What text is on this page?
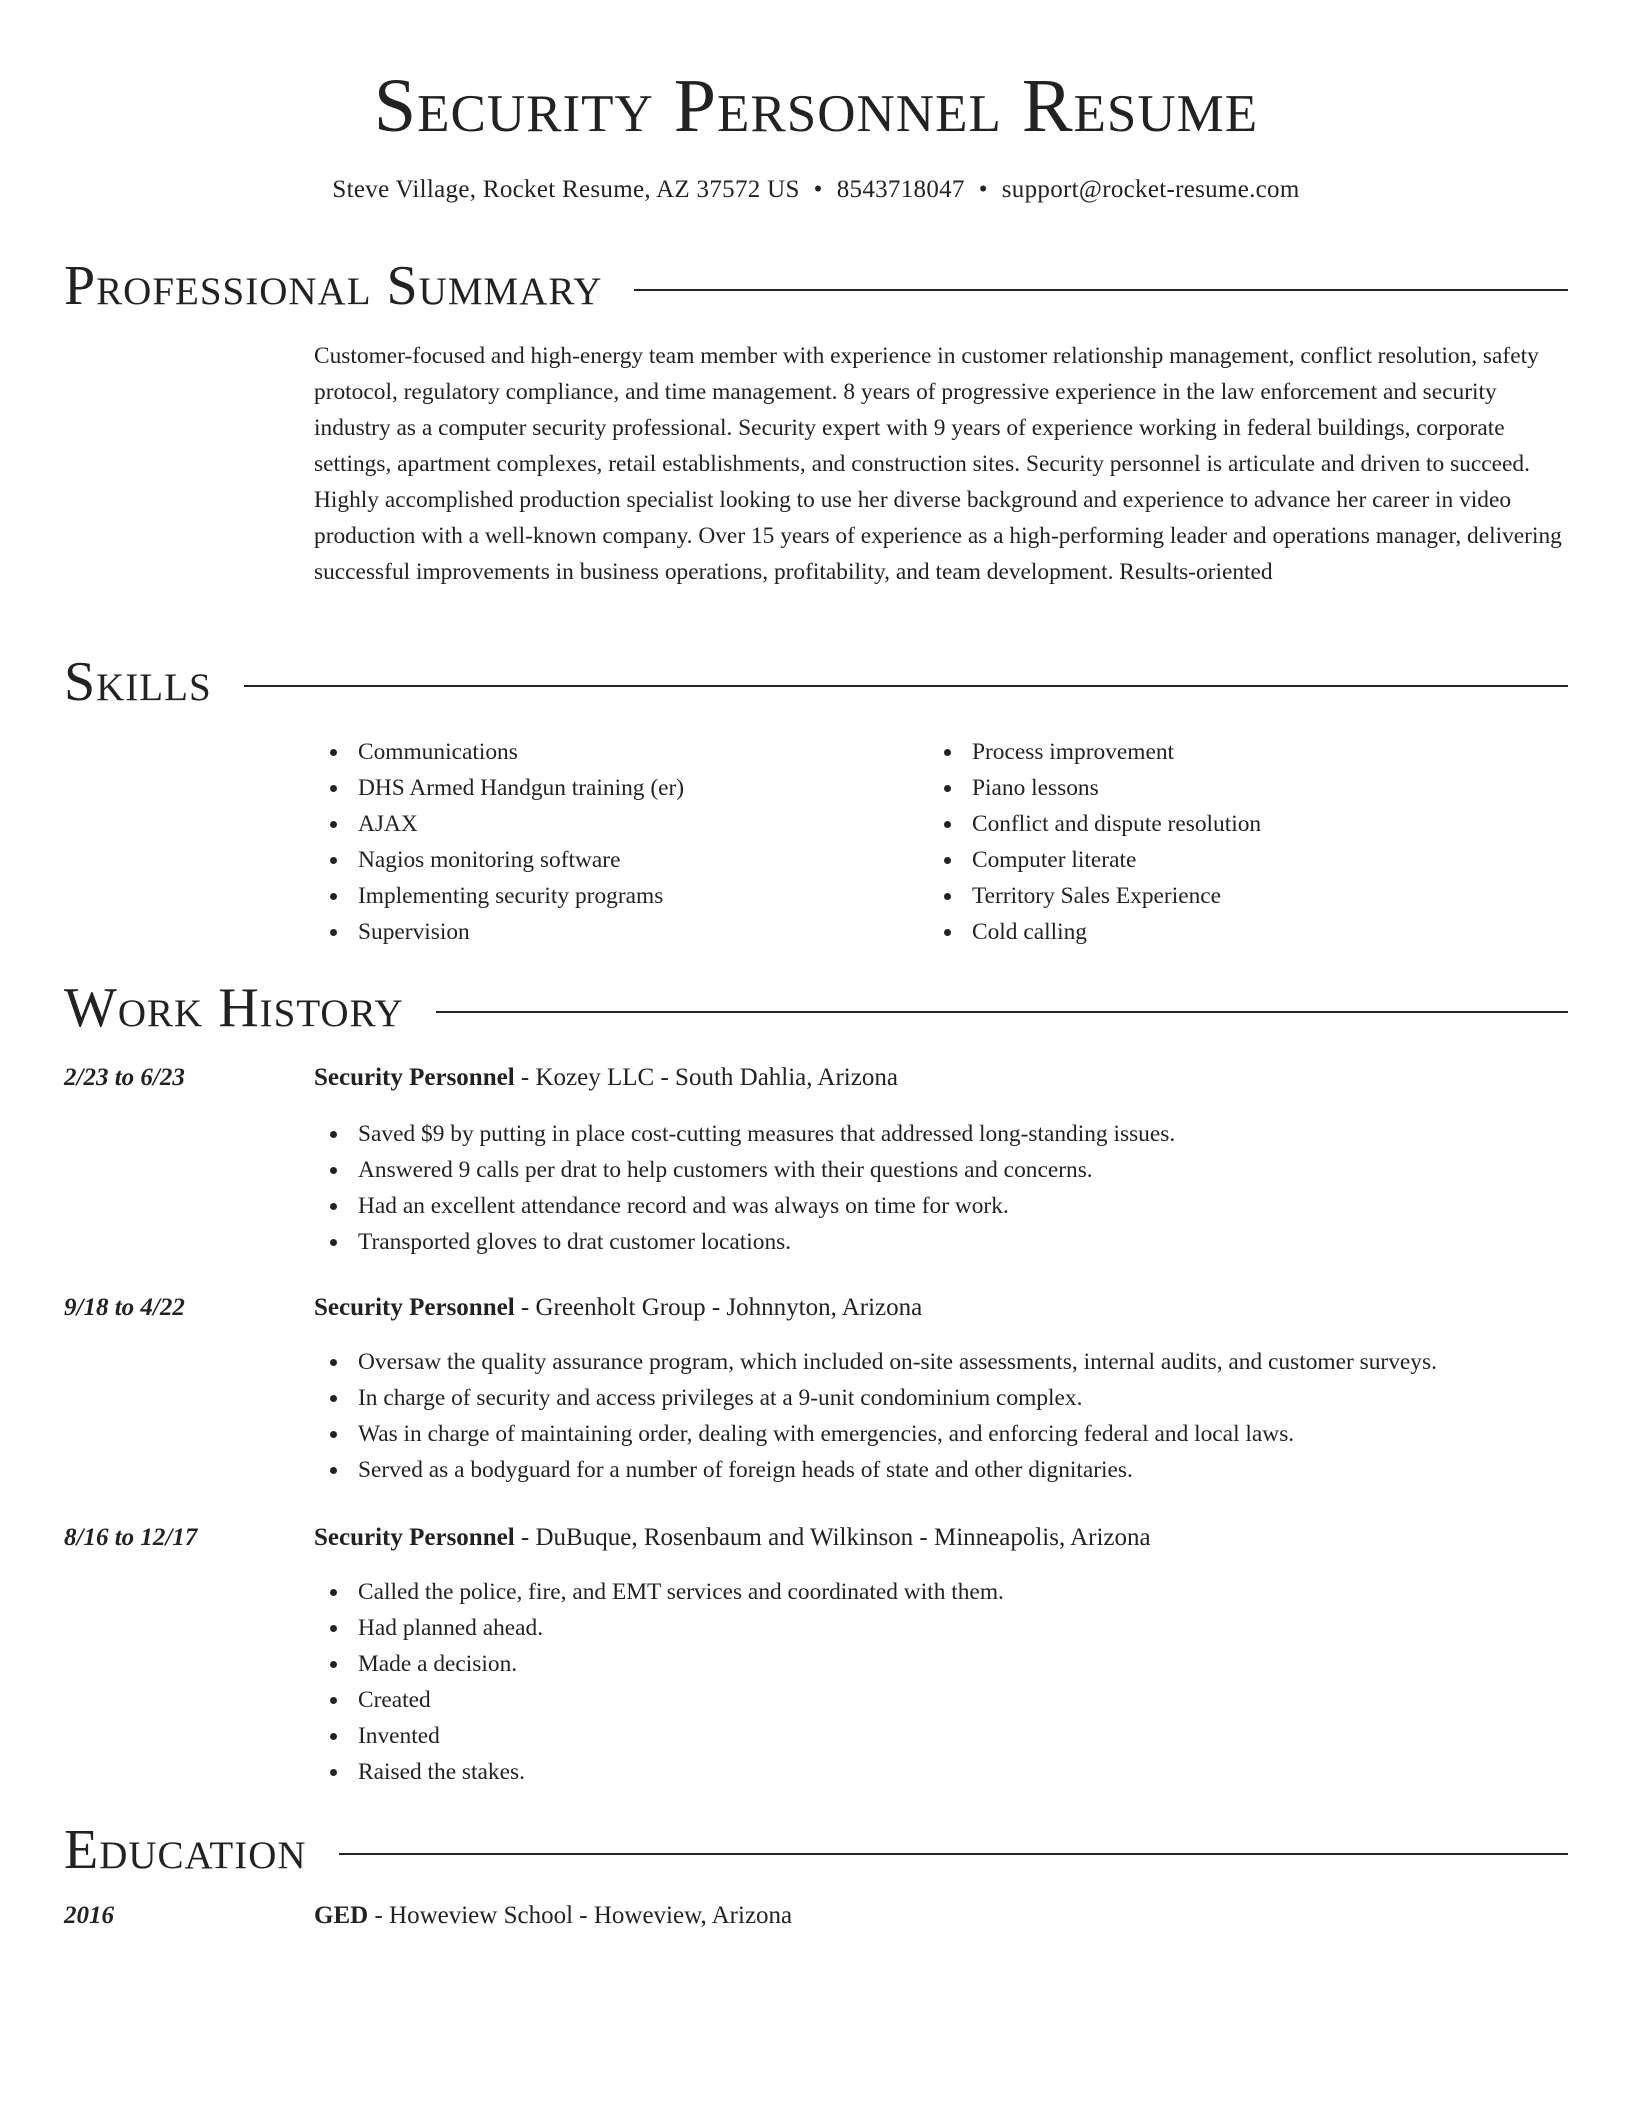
Security Personnel Resume
Steve Village, Rocket Resume, AZ 37572 US • 8543718047 • support@rocket-resume.com
Professional Summary

Customer-focused and high-energy team member with experience in customer relationship management, conflict resolution, safety protocol, regulatory compliance, and time management. 8 years of progressive experience in the law enforcement and security industry as a computer security professional. Security expert with 9 years of experience working in federal buildings, corporate settings, apartment complexes, retail establishments, and construction sites. Security personnel is articulate and driven to succeed. Highly accomplished production specialist looking to use her diverse background and experience to advance her career in video production with a well-known company. Over 15 years of experience as a high-performing leader and operations manager, delivering successful improvements in business operations, profitability, and team development. Results-oriented

Skills
Communications
DHS Armed Handgun training (er)
AJAX
Nagios monitoring software
Implementing security programs
Supervision
Process improvement
Piano lessons
Conflict and dispute resolution
Computer literate
Territory Sales Experience
Cold calling
Work History
2/23 to 6/23	Security Personnel - Kozey LLC - South Dahlia, Arizona
Saved $9 by putting in place cost-cutting measures that addressed long-standing issues.
Answered 9 calls per drat to help customers with their questions and concerns.
Had an excellent attendance record and was always on time for work.
Transported gloves to drat customer locations.
9/18 to 4/22	Security Personnel - Greenholt Group - Johnnyton, Arizona
Oversaw the quality assurance program, which included on-site assessments, internal audits, and customer surveys.
In charge of security and access privileges at a 9-unit condominium complex.
Was in charge of maintaining order, dealing with emergencies, and enforcing federal and local laws.
Served as a bodyguard for a number of foreign heads of state and other dignitaries.
8/16 to 12/17	Security Personnel - DuBuque, Rosenbaum and Wilkinson - Minneapolis, Arizona
Called the police, fire, and EMT services and coordinated with them.
Had planned ahead.
Made a decision.
Created
Invented
Raised the stakes.
Education
2016	GED - Howeview School - Howeview, Arizona
